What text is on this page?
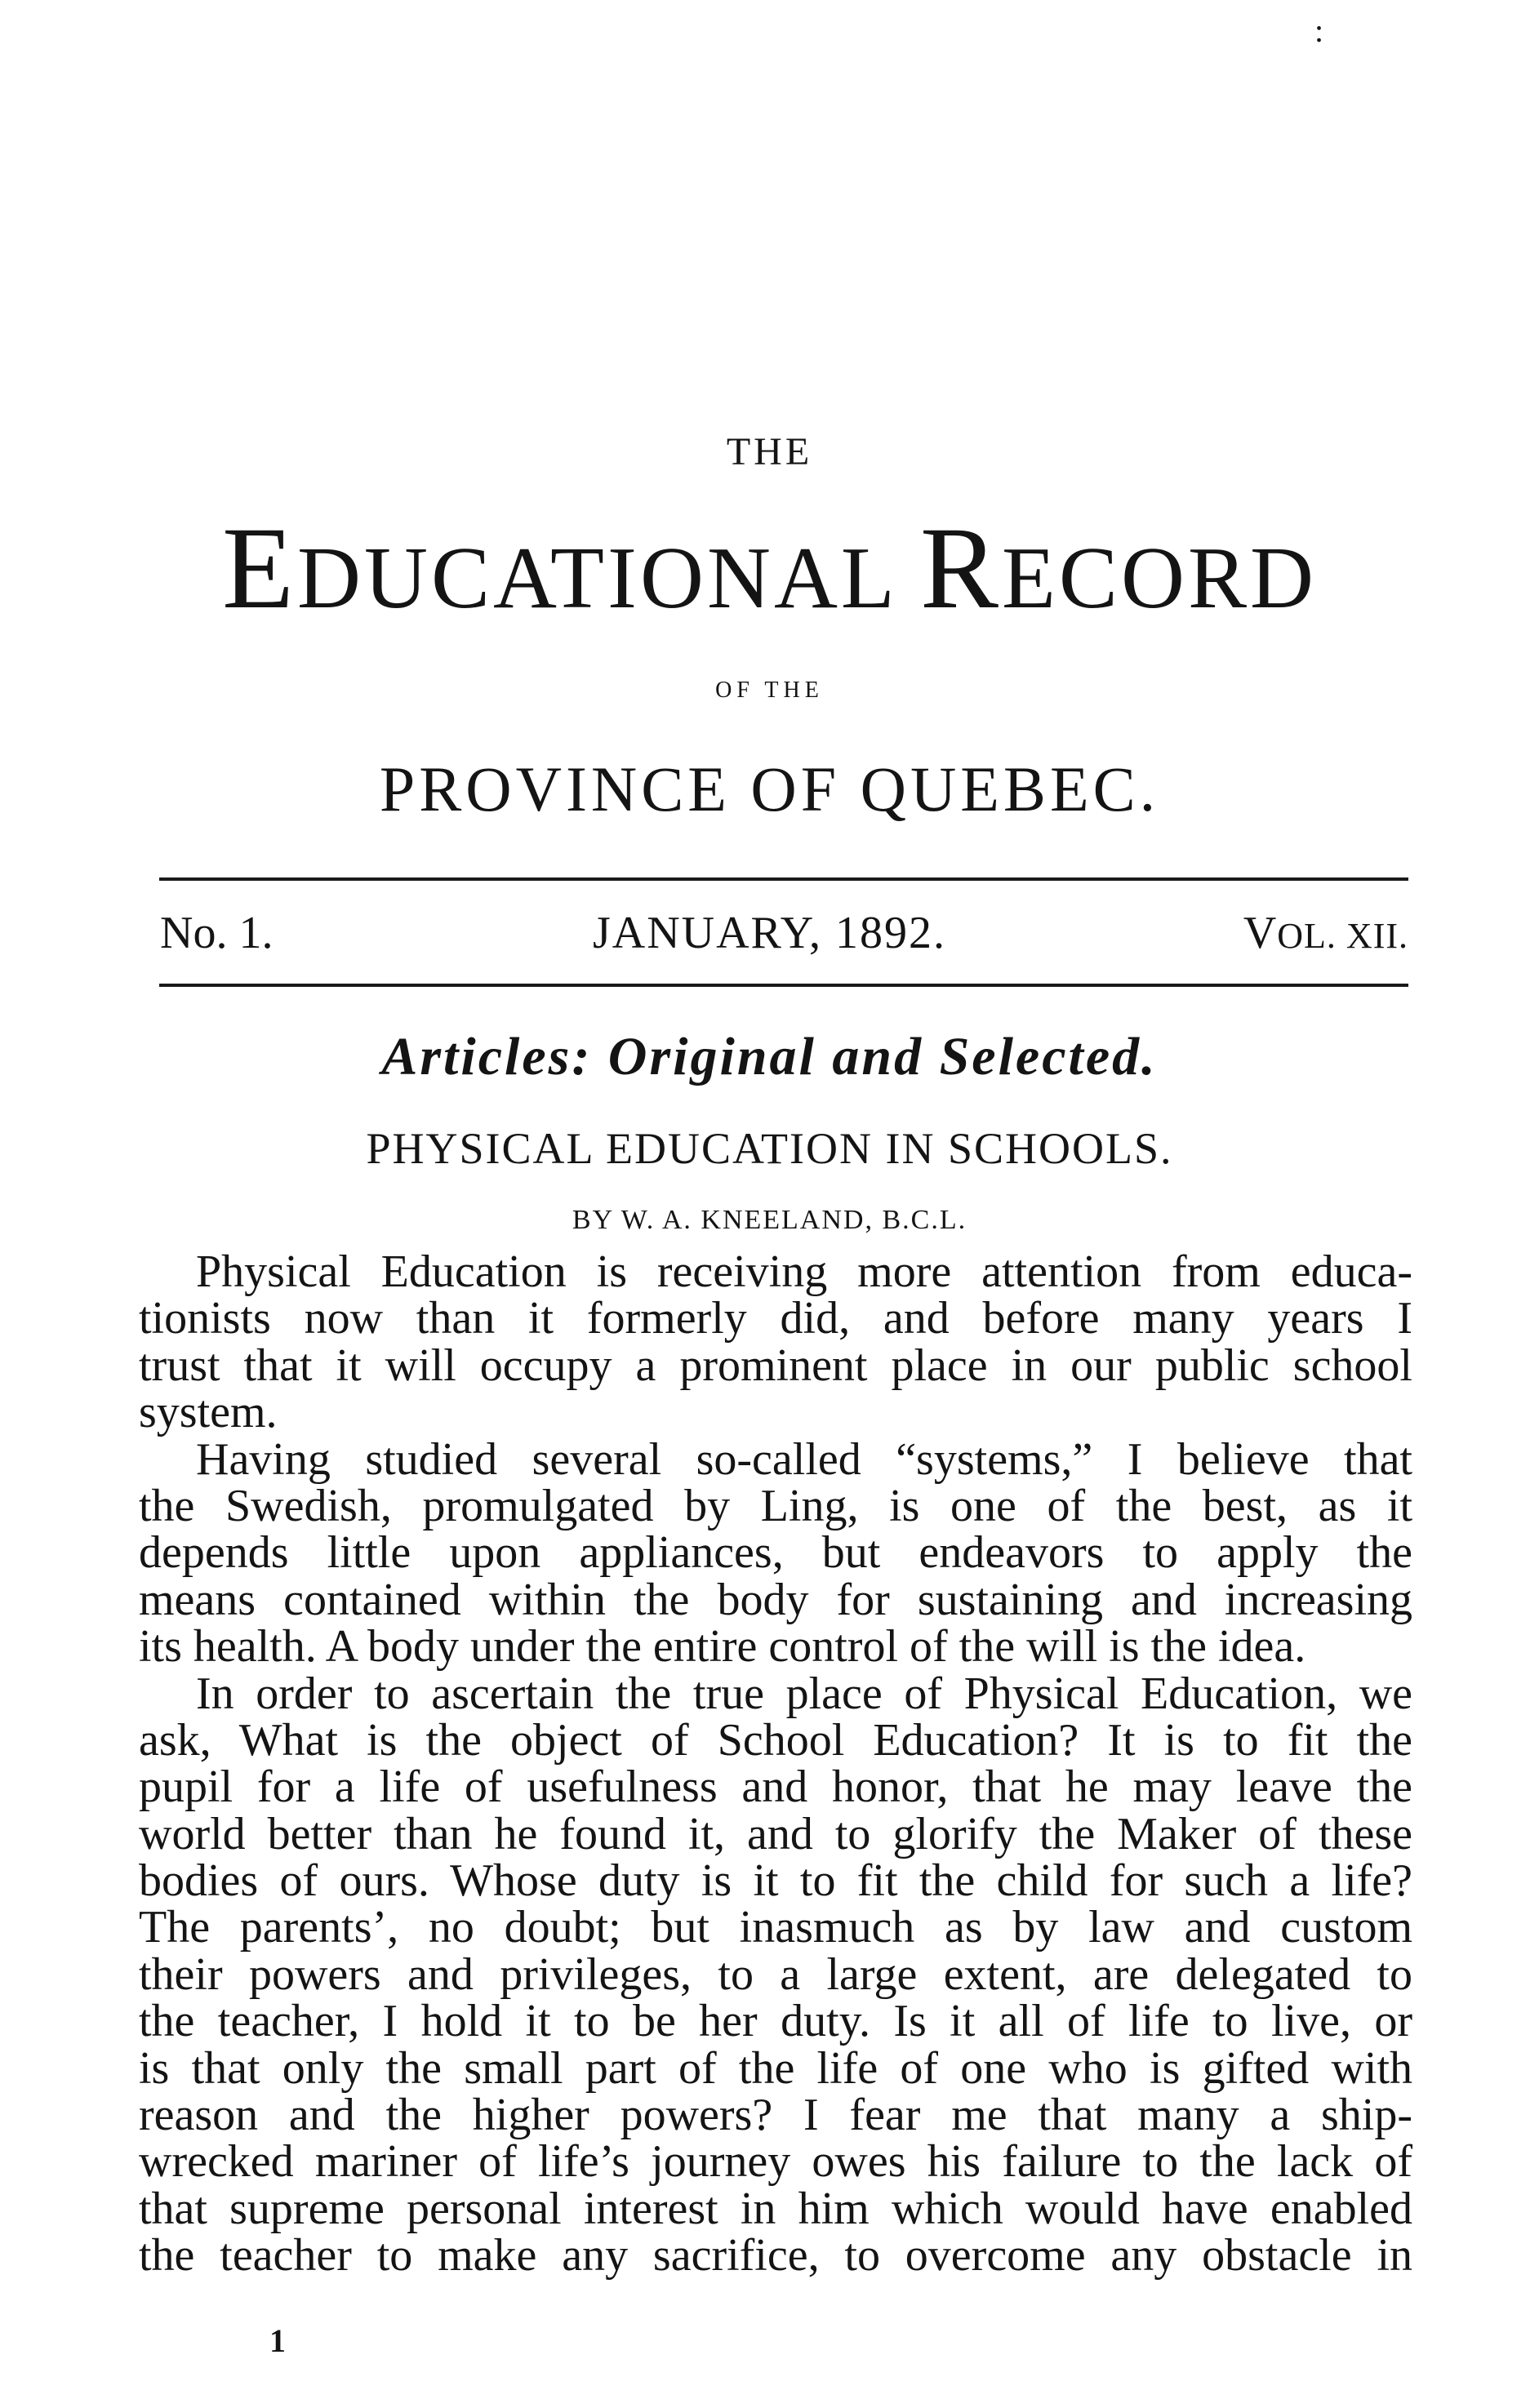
:
THE
EDUCATIONAL RECORD
OF THE
PROVINCE OF QUEBEC.
No. 1.	JANUARY, 1892.	VOL. XII.
Articles: Original and Selected.
PHYSICAL EDUCATION IN SCHOOLS.
BY W. A. KNEELAND, B.C.L.
Physical Education is receiving more attention from educa-
tionists now than it formerly did, and before many years I
trust that it will occupy a prominent place in our public school
system.
Having studied several so-called “systems,” I believe that
the Swedish, promulgated by Ling, is one of the best, as it
depends little upon appliances, but endeavors to apply the
means contained within the body for sustaining and increasing
its health. A body under the entire control of the will is the idea.
In order to ascertain the true place of Physical Education, we
ask, What is the object of School Education? It is to fit the
pupil for a life of usefulness and honor, that he may leave the
world better than he found it, and to glorify the Maker of these
bodies of ours. Whose duty is it to fit the child for such a life?
The parents’, no doubt; but inasmuch as by law and custom
their powers and privileges, to a large extent, are delegated to
the teacher, I hold it to be her duty. Is it all of life to live, or
is that only the small part of the life of one who is gifted with
reason and the higher powers? I fear me that many a ship-
wrecked mariner of life’s journey owes his failure to the lack of
that supreme personal interest in him which would have enabled
the teacher to make any sacrifice, to overcome any obstacle in
1
